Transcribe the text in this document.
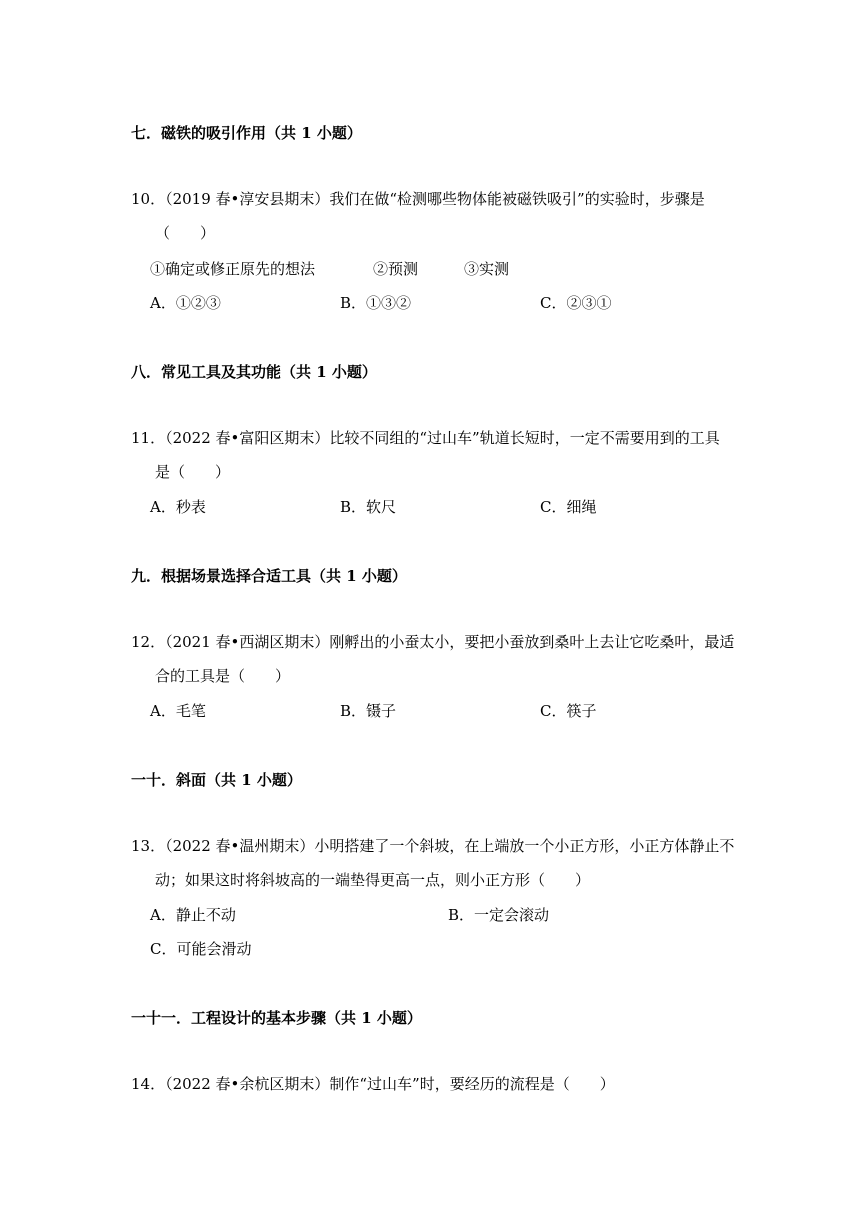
七．磁铁的吸引作用（共 1 小题）
10．（2019 春•淳安县期末）我们在做“检测哪些物体能被磁铁吸引”的实验时，步骤是
（　　）
①确定或修正原先的想法	②预测	③实测
A．①②③	B．①③②	C．②③①
八．常见工具及其功能（共 1 小题）
11．（2022 春•富阳区期末）比较不同组的“过山车”轨道长短时，一定不需要用到的工具
是（　　）
A．秒表	B．软尺	C．细绳
九．根据场景选择合适工具（共 1 小题）
12．（2021 春•西湖区期末）刚孵出的小蚕太小，要把小蚕放到桑叶上去让它吃桑叶，最适
合的工具是（　　）
A．毛笔	B．镊子	C．筷子
一十．斜面（共 1 小题）
13．（2022 春•温州期末）小明搭建了一个斜坡，在上端放一个小正方形，小正方体静止不
动；如果这时将斜坡高的一端垫得更高一点，则小正方形（　　）
A．静止不动	B．一定会滚动
C．可能会滑动
一十一．工程设计的基本步骤（共 1 小题）
14．（2022 春•余杭区期末）制作“过山车”时，要经历的流程是（　　）
